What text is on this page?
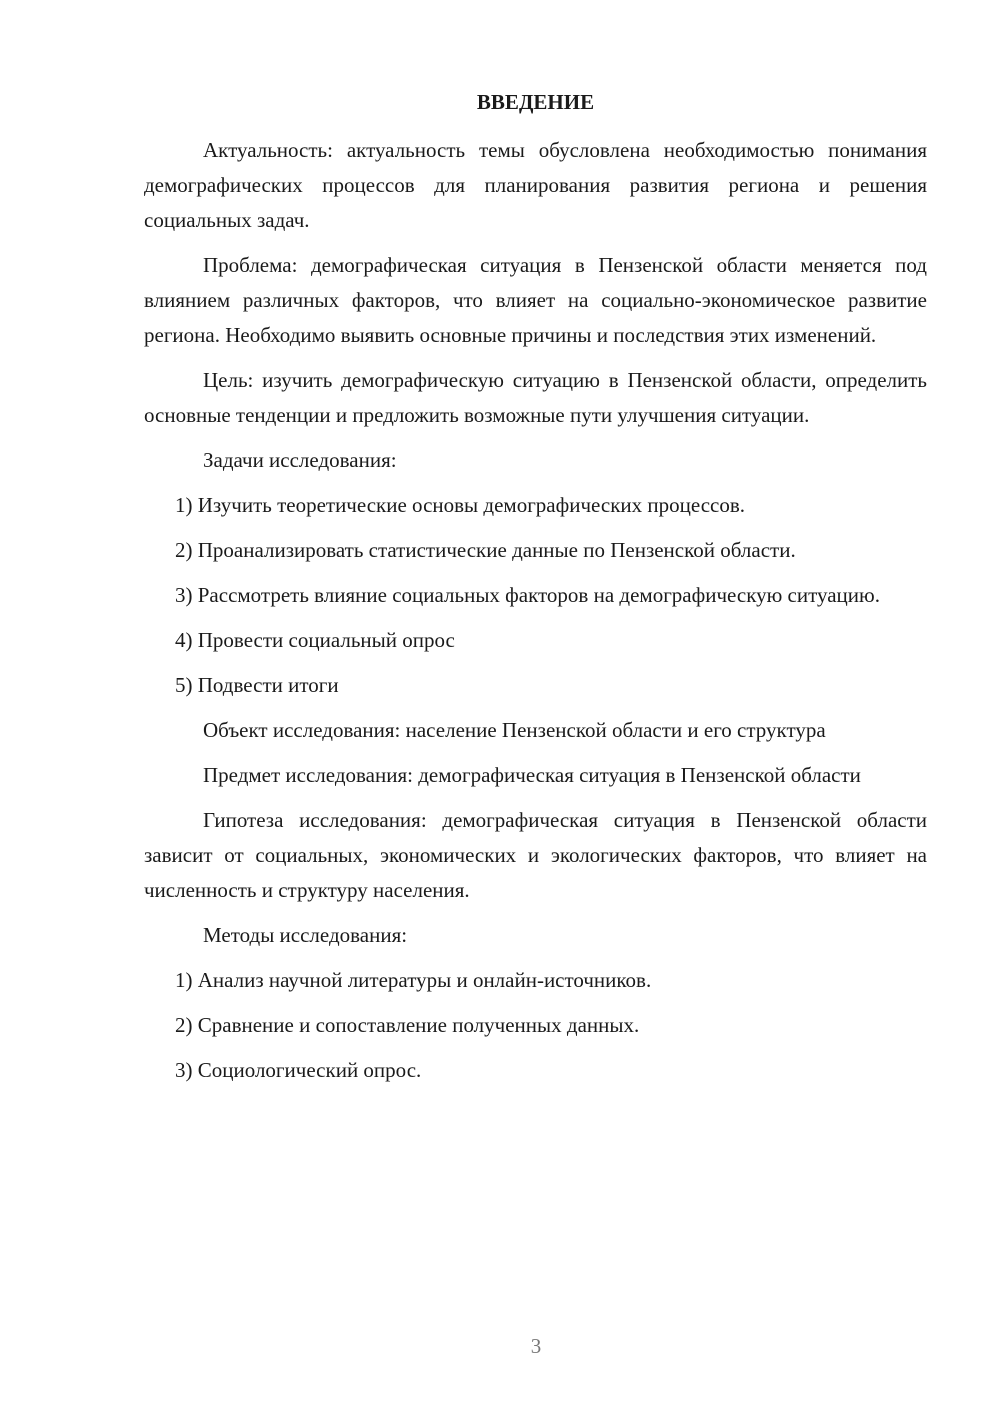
ВВЕДЕНИЕ

Актуальность: актуальность темы обусловлена необходимостью понимания демографических процессов для планирования развития региона и решения социальных задач.

Проблема: демографическая ситуация в Пензенской области меняется под влиянием различных факторов, что влияет на социально-экономическое развитие региона. Необходимо выявить основные причины и последствия этих изменений.

Цель: изучить демографическую ситуацию в Пензенской области, определить основные тенденции и предложить возможные пути улучшения ситуации.

Задачи исследования:

1) Изучить теоретические основы демографических процессов.

2) Проанализировать статистические данные по Пензенской области.

3) Рассмотреть влияние социальных факторов на демографическую ситуацию.

4) Провести социальный опрос

5) Подвести итоги

Объект исследования: население Пензенской области и его структура

Предмет исследования: демографическая ситуация в Пензенской области

Гипотеза исследования: демографическая ситуация в Пензенской области зависит от социальных, экономических и экологических факторов, что влияет на численность и структуру населения.

Методы исследования:

1) Анализ научной литературы и онлайн-источников.

2) Сравнение и сопоставление полученных данных.

3) Социологический опрос.

3
